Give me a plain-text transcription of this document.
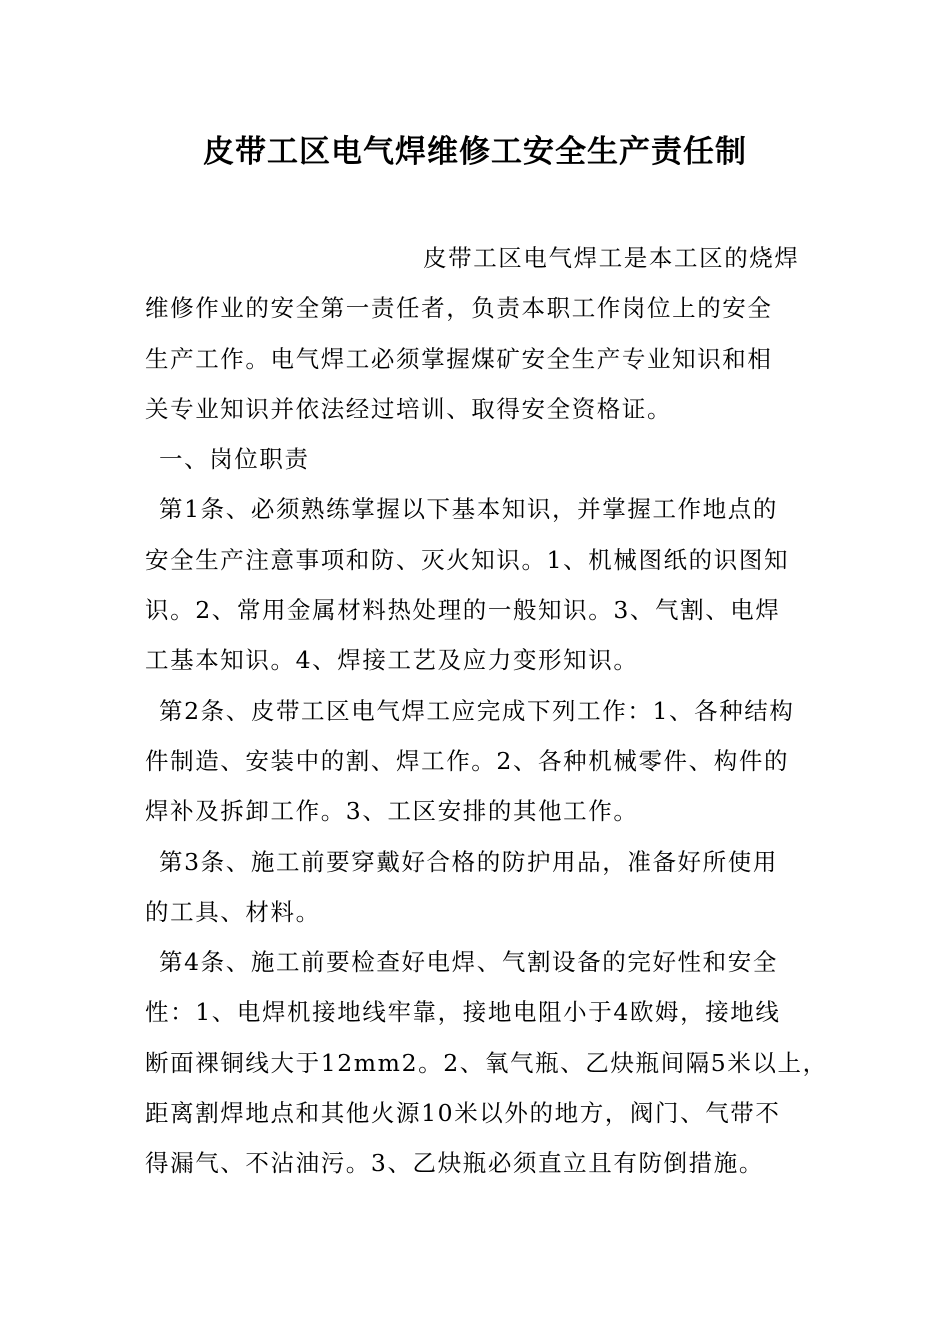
皮带工区电气焊维修工安全生产责任制
皮带工区电气焊工是本工区的烧焊
维修作业的安全第一责任者，负责本职工作岗位上的安全
生产工作。电气焊工必须掌握煤矿安全生产专业知识和相
关专业知识并依法经过培训、取得安全资格证。
一、岗位职责
第1条、必须熟练掌握以下基本知识，并掌握工作地点的
安全生产注意事项和防、灭火知识。1、机械图纸的识图知
识。2、常用金属材料热处理的一般知识。3、气割、电焊
工基本知识。4、焊接工艺及应力变形知识。
第2条、皮带工区电气焊工应完成下列工作：1、各种结构
件制造、安装中的割、焊工作。2、各种机械零件、构件的
焊补及拆卸工作。3、工区安排的其他工作。
第3条、施工前要穿戴好合格的防护用品，准备好所使用
的工具、材料。
第4条、施工前要检查好电焊、气割设备的完好性和安全
性：1、电焊机接地线牢靠，接地电阻小于4欧姆，接地线
断面裸铜线大于12mm2。2、氧气瓶、乙炔瓶间隔5米以上，
距离割焊地点和其他火源10米以外的地方，阀门、气带不
得漏气、不沾油污。3、乙炔瓶必须直立且有防倒措施。
